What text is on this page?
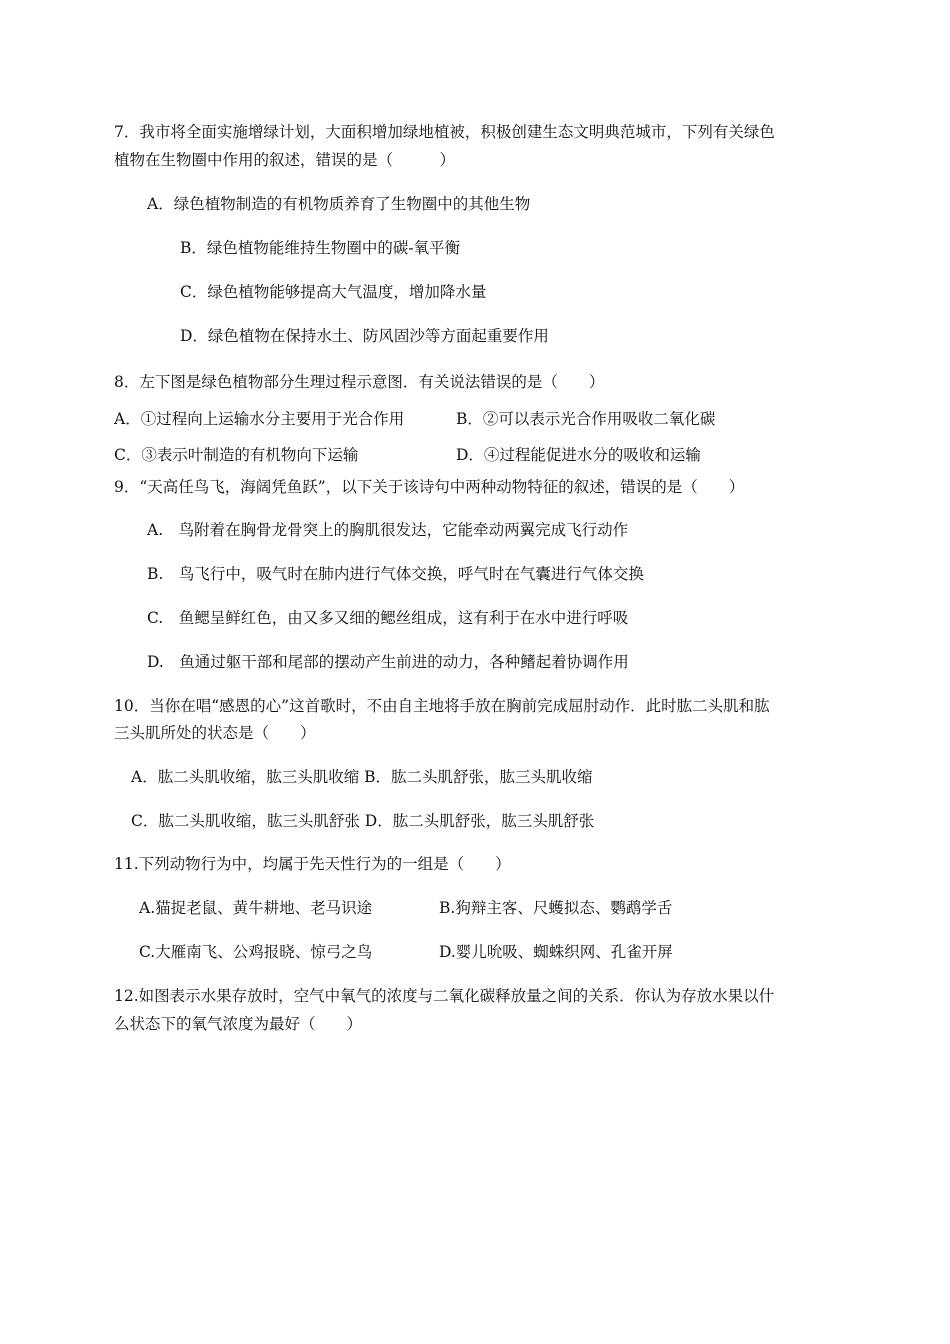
7．我市将全面实施增绿计划，大面积增加绿地植被，积极创建生态文明典范城市，下列有关绿色
植物在生物圈中作用的叙述，错误的是（　　　）
A．绿色植物制造的有机物质养育了生物圈中的其他生物
B．绿色植物能维持生物圈中的碳-氧平衡
C．绿色植物能够提高大气温度，增加降水量
D．绿色植物在保持水土、防风固沙等方面起重要作用
8．左下图是绿色植物部分生理过程示意图．有关说法错误的是（　　）
A．①过程向上运输水分主要用于光合作用	B．②可以表示光合作用吸收二氧化碳
C．③表示叶制造的有机物向下运输	D．④过程能促进水分的吸收和运输
9．“天高任鸟飞，海阔凭鱼跃”，以下关于该诗句中两种动物特征的叙述，错误的是（　　）
A.　鸟附着在胸骨龙骨突上的胸肌很发达，它能牵动两翼完成飞行动作
B.　鸟飞行中，吸气时在肺内进行气体交换，呼气时在气囊进行气体交换
C.　鱼鳃呈鲜红色，由又多又细的鳃丝组成，这有利于在水中进行呼吸
D.　鱼通过躯干部和尾部的摆动产生前进的动力，各种鳍起着协调作用
10．当你在唱“感恩的心”这首歌时，不由自主地将手放在胸前完成屈肘动作．此时肱二头肌和肱
三头肌所处的状态是（　　）
A．肱二头肌收缩，肱三头肌收缩 B．肱二头肌舒张，肱三头肌收缩
C．肱二头肌收缩，肱三头肌舒张 D．肱二头肌舒张，肱三头肌舒张
11.下列动物行为中，均属于先天性行为的一组是（　　）
A.猫捉老鼠、黄牛耕地、老马识途	B.狗辩主客、尺蠖拟态、鹦鹉学舌
C.大雁南飞、公鸡报晓、惊弓之鸟	D.婴儿吮吸、蜘蛛织网、孔雀开屏
12.如图表示水果存放时，空气中氧气的浓度与二氧化碳释放量之间的关系．你认为存放水果以什
么状态下的氧气浓度为最好（　　）
